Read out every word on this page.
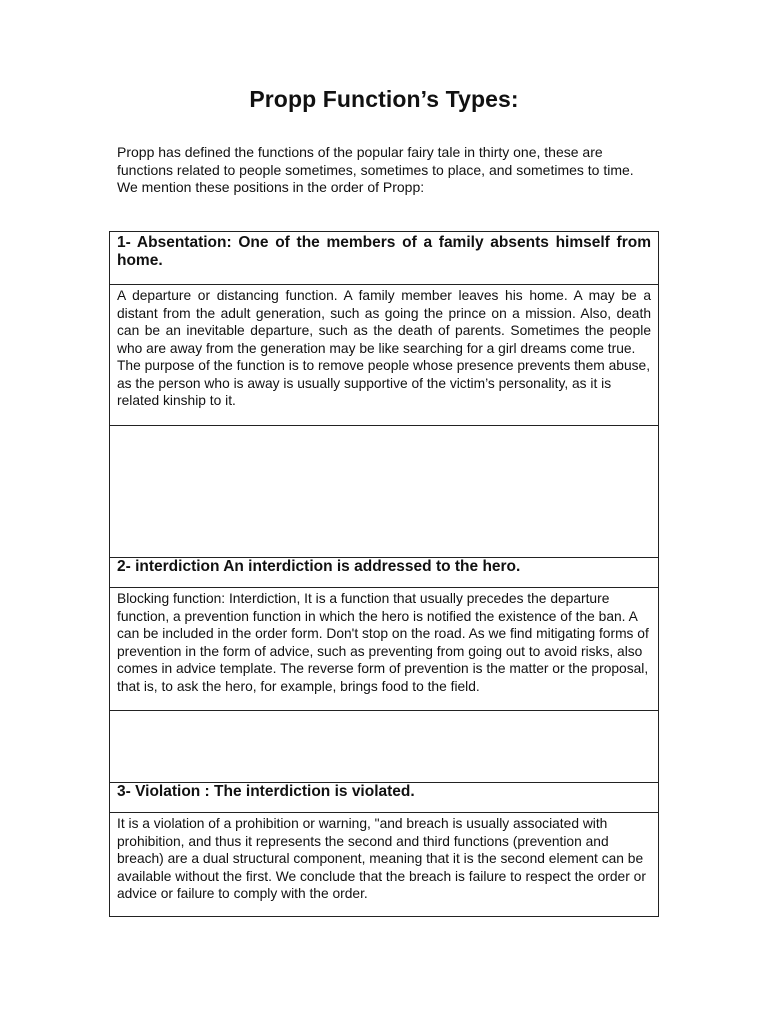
Propp Function’s Types:

Propp has defined the functions of the popular fairy tale in thirty one, these are functions related to people sometimes, sometimes to place, and sometimes to time.

We mention these positions in the order of Propp:

1- Absentation: One of the members of a family absents himself from home.

A departure or distancing function. A family member leaves his home. A may be a distant from the adult generation, such as going the prince on a mission. Also, death can be an inevitable departure, such as the death of parents. Sometimes the people who are away from the generation may be like searching for a girl dreams come true.

The purpose of the function is to remove people whose presence prevents them abuse, as the person who is away is usually supportive of the victim’s personality, as it is related kinship to it.

2- interdiction An interdiction is addressed to the hero.

Blocking function: Interdiction, It is a function that usually precedes the departure function, a prevention function in which the hero is notified the existence of the ban. A can be included in the order form. Don't stop on the road. As we find mitigating forms of prevention in the form of advice, such as preventing from going out to avoid risks, also comes in advice template. The reverse form of prevention is the matter or the proposal, that is, to ask the hero, for example, brings food to the field.

3- Violation : The interdiction is violated.

It is a violation of a prohibition or warning, "and breach is usually associated with prohibition, and thus it represents the second and third functions (prevention and breach) are a dual structural component, meaning that it is the second element can be available without the first. We conclude that the breach is failure to respect the order or advice or failure to comply with the order.
